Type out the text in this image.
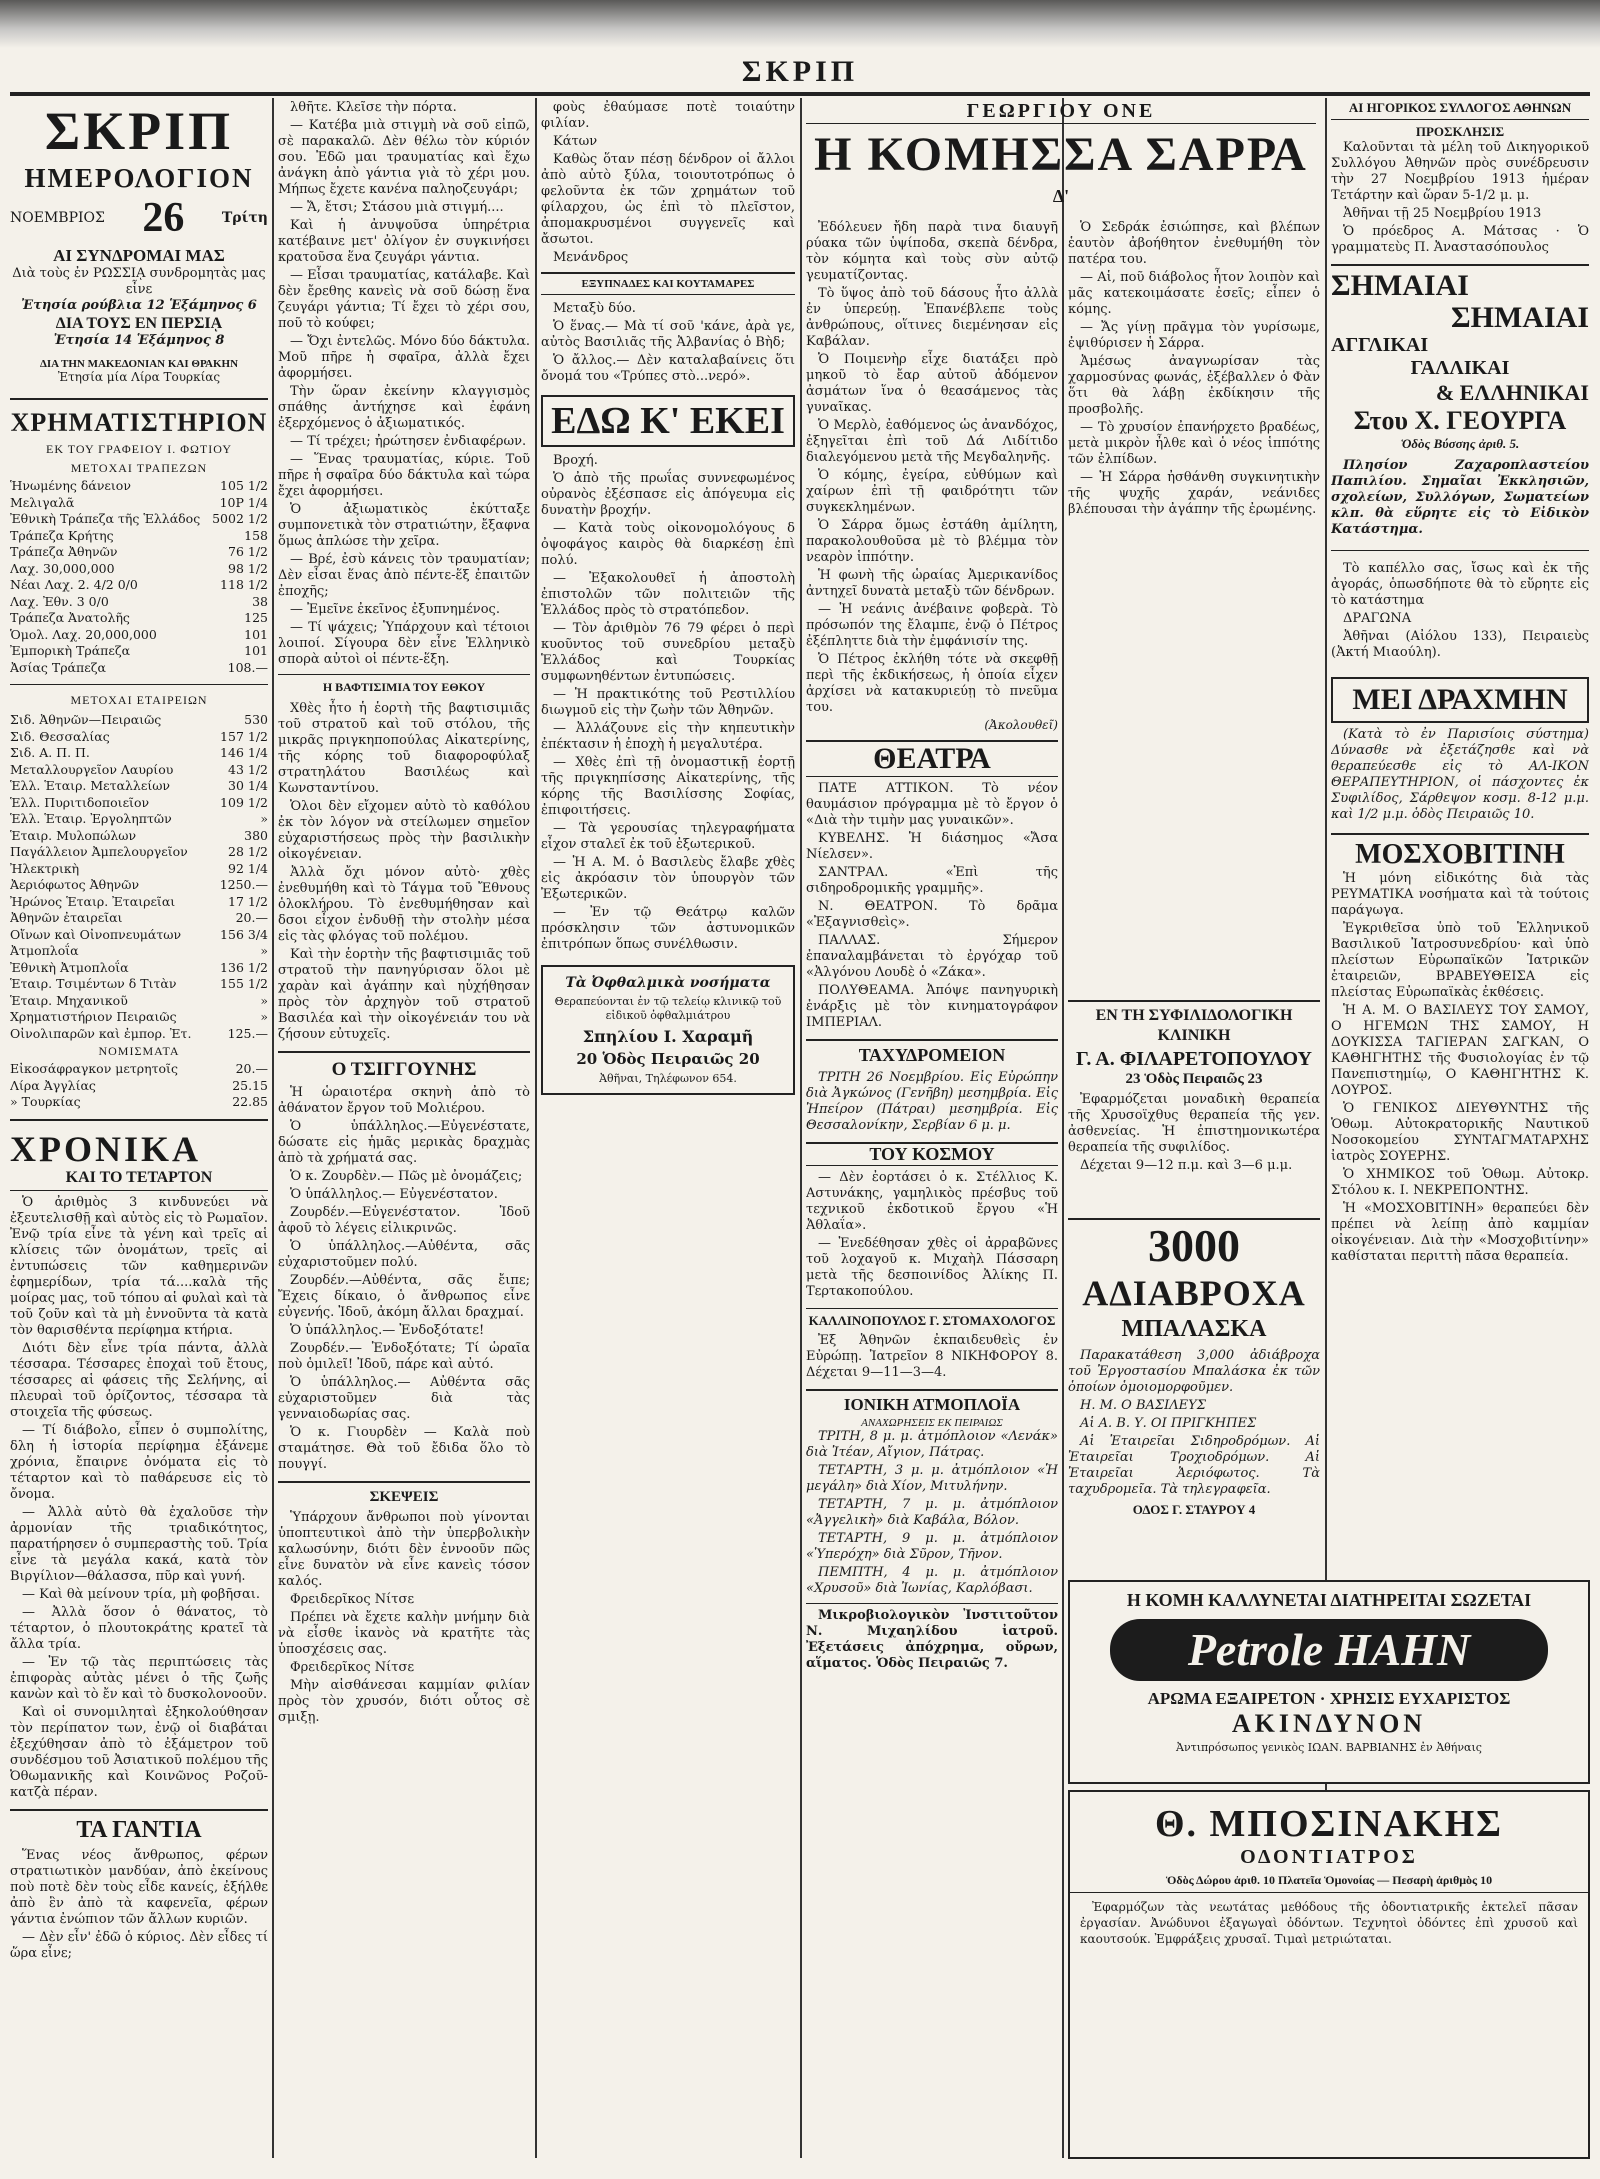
ΣΚΡΙΠ
ΣΚΡΙΠ
ΗΜΕΡΟΛΟΓΙΟΝ
ΝΟΕΜΒΡΙΟΣ 26	Τρίτη
ΑΙ ΣΥΝΔΡΟΜΑΙ ΜΑΣ
Διὰ τοὺς ἐν ΡΩΣΣΙᾼ συνδρομητὰς μας εἶνε
Ἐτησία ρούβλια 12 Ἑξάμηνος 6
ΔΙΑ ΤΟΥΣ ΕΝ ΠΕΡΣΙᾼ
Ἐτησία 14 Ἑξάμηνος 8
ΔΙΑ ΤΗΝ ΜΑΚΕΔΟΝΙΑΝ ΚΑΙ ΘΡΑΚΗΝ
Ἐτησία μία Λίρα Τουρκίας
ΧΡΗΜΑΤΙΣΤΗΡΙΟΝ
ΕΚ ΤΟΥ ΓΡΑΦΕΙΟΥ Ι. ΦΩΤΙΟΥ
ΜΕΤΟΧΑΙ ΤΡΑΠΕΖΩΝ
Ἡνωμένης δάνειον	105 1/2
Μελιγαλᾶ	10Ρ 1/4
Ἐθνικὴ Τράπεζα τῆς Ἑλλάδος 5002 1/2
Τράπεζα Κρήτης	158
Τράπεζα Ἀθηνῶν	76 1/2
Λαχ. 30,000,000	98 1/2
Νέαι Λαχ. 2. 4/2 0/0	118 1/2
Λαχ. Ἐθν. 3 0/0	38
Τράπεζα Ἀνατολῆς	125
Ὁμολ. Λαχ. 20,000,000	101
Ἐμπορικὴ Τράπεζα	101
Ἀσίας Τράπεζα	108.—
ΜΕΤΟΧΑΙ ΕΤΑΙΡΕΙΩΝ
Σιδ. Ἀθηνῶν—Πειραιῶς	530
Σιδ. Θεσσαλίας	157 1/2
Σιδ. Α. Π. Π.	146 1/4
Μεταλλουργεῖον Λαυρίου	43 1/2
Ἑλλ. Ἑταιρ. Μεταλλείων	30 1/4
Ἑλλ. Πυριτιδοποιεῖον	109 1/2
Ἑλλ. Ἑταιρ. Ἐργοληπτῶν	»
Ἑταιρ. Μυλοπώλων	380
Παγάλλειον Ἀμπελουργεῖον	28 1/2
Ἠλεκτρικὴ	92 1/4
Ἀεριόφωτος Ἀθηνῶν	1250.—
Ἠρώνος Ἑταιρ. Ἐταιρεῖαι	17 1/2
Ἀθηνῶν ἐταιρεῖαι	20.—
Οἴνων καὶ Οἰνοπνευμάτων	156 3/4
Ἀτμοπλοΐα	»
Ἐθνικὴ Ἀτμοπλοΐα	136 1/2
Ἑταιρ. Τσιμέντων δ Τιτὰν	155 1/2
Ἑταιρ. Μηχανικοῦ	»
Χρηματιστήριον Πειραιῶς	»
Οἰνολιπαρῶν καὶ ἐμπορ. Ἐτ.	125.—
ΝΟΜΙΣΜΑΤΑ
Εἰκοσάφραγκον μετρητοῖς	20.—
Λίρα Ἀγγλίας	25.15
» Τουρκίας	22.85
ΧΡΟΝΙΚΑ
ΚΑΙ ΤΟ ΤΕΤΑΡΤΟΝ

Ὁ ἀριθμὸς 3 κινδυνεύει νὰ ἐξευτελισθῇ καὶ αὐτὸς εἰς τὸ Ρωμαῖον. Ἐνῷ τρία εἶνε τὰ γένη καὶ τρεῖς αἱ κλίσεις τῶν ὀνομάτων, τρεῖς αἱ ἐντυπώσεις τῶν καθημερινῶν ἐφημερίδων, τρία τά....καλὰ τῆς μοίρας μας, τοῦ τόπου αἱ φυλαὶ καὶ τὰ τοῦ ζοῦν καὶ τὰ μὴ ἐννοῦντα τὰ κατὰ τὸν θαρισθέντα περίφημα κτήρια.

Διότι δὲν εἶνε τρία πάντα, ἀλλὰ τέσσαρα. Τέσσαρες ἐποχαὶ τοῦ ἔτους, τέσσαρες αἱ φάσεις τῆς Σελήνης, αἱ πλευραὶ τοῦ ὁρίζοντος, τέσσαρα τὰ στοιχεῖα τῆς φύσεως.

— Τί διάβολο, εἶπεν ὁ συμπολίτης, δλη ἡ ἱστορία περίφημα ἐξάνεμε χρόνια, ἔπαιρνε ὀνόματα εἰς τὸ τέταρτον καὶ τὸ παθάρευσε εἰς τὸ ὄνομα.

— Ἀλλὰ αὐτὸ θὰ ἐχαλοῦσε τὴν ἀρμονίαν τῆς τριαδικότητος, παρατήρησεν ὁ συμπεραστὴς τοῦ. Τρία εἶνε τὰ μεγάλα κακά, κατὰ τὸν Βιργίλιον—θάλασσα, πῦρ καὶ γυνή.

— Καὶ θὰ μείνουν τρία, μὴ φοβῆσαι.

— Ἀλλὰ ὅσον ὁ θάνατος, τὸ τέταρτον, ὁ πλουτοκράτης κρατεῖ τὰ ἄλλα τρία.

— Ἐν τῷ τὰς περιπτώσεις τὰς ἐπιφορὰς αὐτὰς μένει ὁ τῆς ζωῆς κανὼν καὶ τὸ ἔν καὶ τὸ δυσκολονοοῦν.

Καὶ οἱ συνομιληταὶ ἐξηκολούθησαν τὸν περίπατον των, ἐνῷ οἱ διαβάται ἐξεχύθησαν ἀπὸ τὸ ἐξάμετρον τοῦ συνδέσμου τοῦ Ἀσιατικοῦ πολέμου τῆς Ὀθωμανικῆς καὶ Κοινῶνος Ροζοῦ-κατζὰ πέραν.

ΤΑ ΓΑΝΤΙΑ

Ἕνας νέος ἄνθρωπος, φέρων στρατιωτικὸν μανδύαν, ἀπὸ ἐκείνους ποὺ ποτὲ δὲν τοὺς εἶδε κανείς, ἐξήλθε ἀπὸ ἓν ἀπὸ τὰ καφενεῖα, φέρων γάντια ἐνώπιον τῶν ἄλλων κυριῶν.

— Δὲν εἶν' ἐδῶ ὁ κύριος. Δὲν εἶδες τί ὥρα εἶνε;

λθῆτε. Κλεῖσε τὴν πόρτα.

— Κατέβα μιὰ στιγμὴ νὰ σοῦ εἰπῶ, σὲ παρακαλῶ. Δὲν θέλω τὸν κύριόν σου. Ἐδῶ μαι τραυματίας καὶ ἔχω ἀνάγκη ἀπὸ γάντια γιὰ τὸ χέρι μου. Μήπως ἔχετε κανένα παληοζευγάρι;

— Ἄ, ἔτσι; Στάσου μιὰ στιγμή....

Καὶ ἡ ἀνυψοῦσα ὑπηρέτρια κατέβαινε μετ' ὀλίγον ἐν συγκινήσει κρατοῦσα ἕνα ζευγάρι γάντια.

— Εἶσαι τραυματίας, κατάλαβε. Καὶ δὲν ἔρεθης κανεὶς νὰ σοῦ δώσῃ ἕνα ζευγάρι γάντια; Τί ἔχει τὸ χέρι σου, ποῦ τὸ κούφει;

— Ὄχι ἐντελῶς. Μόνο δύο δάκτυλα. Μοῦ πῆρε ἡ σφαῖρα, ἀλλὰ ἔχει ἀφορμήσει.

Τὴν ὥραν ἐκείνην κλαγγισμὸς σπάθης ἀντήχησε καὶ ἐφάνη ἐξερχόμενος ὁ ἀξιωματικός.

— Τί τρέχει; ἠρώτησεν ἐνδιαφέρων.

— Ἕνας τραυματίας, κύριε. Τοῦ πῆρε ἡ σφαῖρα δύο δάκτυλα καὶ τώρα ἔχει ἀφορμήσει.

Ὁ ἀξιωματικὸς ἐκύτταξε συμπονετικὰ τὸν στρατιώτην, ἔξαφνα ὅμως ἀπλώσε τὴν χεῖρα.

— Βρέ, ἐσὺ κάνεις τὸν τραυματίαν; Δὲν εἶσαι ἕνας ἀπὸ πέντε-ἕξ ἐπαιτῶν ἐποχῆς;

— Ἐμεῖνε ἐκεῖνος ἐξυπνημένος.

— Τί ψάχεις; Ὑπάρχουν καὶ τέτοιοι λοιποί. Σίγουρα δὲν εἶνε Ἑλληνικὸ σπορὰ αὐτοὶ οἱ πέντε-ἕξη.

Η ΒΑΦΤΙΣΙΜΙΑ ΤΟΥ ΕΘΚΟΥ

Χθὲς ἦτο ἡ ἑορτὴ τῆς βαφτισιμιᾶς τοῦ στρατοῦ καὶ τοῦ στόλου, τῆς μικρᾶς πριγκηποπούλας Αἰκατερίνης, τῆς κόρης τοῦ διαφοροφύλαξ στρατηλάτου Βασιλέως καὶ Κωνσταντίνου.

Ὁλοι δὲν εἴχομεν αὐτὸ τὸ καθόλου ἐκ τὸν λόγον νὰ στείλωμεν σημεῖον εὐχαριστήσεως πρὸς τὴν βασιλικὴν οἰκογένειαν.

Ἀλλὰ ὄχι μόνον αὐτὸ· χθὲς ἐνεθυμήθη καὶ τὸ Τάγμα τοῦ Ἔθνους ὁλοκλήρου. Τὸ ἐνεθυμήθησαν καὶ δσοι εἶχον ἐνδυθῇ τὴν στολὴν μέσα εἰς τὰς φλόγας τοῦ πολέμου.

Καὶ τὴν ἑορτὴν τῆς βαφτισιμιᾶς τοῦ στρατοῦ τὴν πανηγύρισαν ὅλοι μὲ χαρὰν καὶ ἀγάπην καὶ ηὐχήθησαν πρὸς τὸν ἀρχηγὸν τοῦ στρατοῦ Βασιλέα καὶ τὴν οἰκογένειάν του νὰ ζήσουν εὐτυχεῖς.

Ο ΤΣΙΓΓΟΥΝΗΣ

Ἡ ὡραιοτέρα σκηνὴ ἀπὸ τὸ ἀθάνατον ἔργον τοῦ Μολιέρου.

Ὁ ὑπάλληλος.—Εὐγενέστατε, δώσατε εἰς ἡμᾶς μερικὰς δραχμὰς ἀπὸ τὰ χρήματά σας.

Ὁ κ. Ζουρδὲν.— Πῶς μὲ ὀνομάζεις;

Ὁ ὑπάλληλος.— Εὐγενέστατον.

Ζουρδέν.—Εὐγενέστατον. Ἰδοῦ ἀφοῦ τὸ λέγεις εἰλικρινῶς.

Ὁ ὑπάλληλος.—Αὐθέντα, σᾶς εὐχαριστοῦμεν πολύ.

Ζουρδέν.—Αὐθέντα, σᾶς ἔιπε; Ἔχεις δίκαιο, ὁ ἄνθρωπος εἶνε εὐγενής. Ἰδοῦ, ἀκόμη ἄλλαι δραχμαί.

Ὁ ὑπάλληλος.— Ἐνδοξότατε!

Ζουρδέν.— Ἐνδοξότατε; Τί ὡραῖα ποὺ ὁμιλεῖ! Ἰδοῦ, πάρε καὶ αὐτό.

Ὁ ὑπάλληλος.— Αὐθέντα σᾶς εὐχαριστοῦμεν διὰ τὰς γενναιοδωρίας σας.

Ὁ κ. Γιουρδὲν — Καλὰ ποὺ σταμάτησε. Θὰ τοῦ ἔδιδα ὅλο τὸ πουγγί.

ΣΚΕΨΕΙΣ

Ὑπάρχουν ἄνθρωποι ποὺ γίνονται ὑποπτευτικοὶ ἀπὸ τὴν ὑπερβολικὴν καλωσύνην, διότι δὲν ἐννοοῦν πῶς εἶνε δυνατὸν νὰ εἶνε κανεὶς τόσον καλός.

Φρειδερῖκος Νίτσε

Πρέπει νὰ ἔχετε καλὴν μνήμην διὰ νὰ εἶσθε ἱκανὸς νὰ κρατῆτε τὰς ὑποσχέσεις σας.

Φρειδερῖκος Νίτσε

Μὴν αἰσθάνεσαι καμμίαν φιλίαν πρὸς τὸν χρυσόν, διότι οὗτος σὲ σμιξῃ.

φοὺς ἐθαύμασε ποτὲ τοιαύτην φιλίαν.

Κάτων

Καθὼς ὅταν πέσῃ δένδρον οἱ ἄλλοι ἀπὸ αὐτὸ ξύλα, τοιουτοτρόπως ὁ φελοῦντα ἐκ τῶν χρημάτων τοῦ φίλαρχου, ὡς ἐπὶ τὸ πλεῖστον, ἀπομακρυσμένοι συγγενεῖς καὶ ἄσωτοι.

Μενάνδρος

ΕΞΥΠΝΑΔΕΣ ΚΑΙ ΚΟΥΤΑΜΑΡΕΣ

Μεταξὺ δύο.

Ὁ ἕνας.— Μὰ τί σοῦ 'κάνε, ἀρὰ γε, αὐτὸς Βασιλιᾶς τῆς Ἀλβανίας ὁ Βὴδ;

Ὁ ἄλλος.— Δὲν καταλαβαίνεις ὅτι ὄνομά του «Τρύπες στὸ...νερό».

ΕΔΩ Κ' ΕΚΕΙ

Βροχή.

Ὁ ἀπὸ τῆς πρωΐας συννεφωμένος οὐρανὸς ἐξέσπασε εἰς ἀπόγευμα εἰς δυνατὴν βροχήν.

— Κατὰ τοὺς οἰκονομολόγους δ ὀψοφάγος καιρὸς θὰ διαρκέσῃ ἐπὶ πολύ.

— Ἐξακολουθεῖ ἡ ἀποστολὴ ἐπιστολῶν τῶν πολιτειῶν τῆς Ἑλλάδος πρὸς τὸ στρατόπεδον.

— Τὸν ἀριθμὸν 76 79 φέρει ὁ περὶ κυοῦντος τοῦ συνεδρίου μεταξὺ Ἑλλάδος καὶ Τουρκίας συμφωνηθέντων ἐντυπώσεις.

— Ἡ πρακτικότης τοῦ Ρεστιλλίου διωγμοῦ εἰς τὴν ζωὴν τῶν Ἀθηνῶν.

— Ἀλλάζουνε εἰς τὴν κηπευτικὴν ἐπέκτασιν ἡ ἐποχὴ ἡ μεγαλυτέρα.

— Χθὲς ἐπὶ τῇ ὀνομαστικῇ ἑορτῇ τῆς πριγκηπίσσης Αἰκατερίνης, τῆς κόρης τῆς Βασιλίσσης Σοφίας, ἐπιφοιτήσεις.

— Τὰ γερουσίας τηλεγραφήματα εἶχον σταλεῖ ἐκ τοῦ ἐξωτερικοῦ.

— Ἡ Α. Μ. ὁ Βασιλεὺς ἔλαβε χθὲς εἰς ἀκρόασιν τὸν ὑπουργὸν τῶν Ἐξωτερικῶν.

— Ἐν τῷ Θεάτρῳ καλῶν πρόσκλησιν τῶν ἀστυνομικῶν ἐπιτρόπων ὅπως συνέλθωσιν.

Τὰ Ὀφθαλμικὰ νοσήματα
Θεραπεύονται ἐν τῷ τελείῳ κλινικῷ τοῦ εἰδικοῦ ὀφθαλμιάτρου
Σπηλίου Ι. Χαραμῆ
20 Ὁδὸς Πειραιῶς 20
Ἀθῆναι, Τηλέφωνον 654.
ΓΕΩΡΓΙΟΥ ΟΝΕ
Η ΚΟΜΗΣΣΑ ΣΑΡΡΑ
Δ'

Ἐδόλευεν ἤδη παρὰ τινα διαυγῆ ρύακα τῶν ὑψίποδα, σκεπὰ δένδρα, τὸν κόμητα καὶ τοὺς σὺν αὐτῷ γευματίζοντας.

Τὸ ὕψος ἀπὸ τοῦ δάσους ἦτο ἀλλὰ ἐν ὑπερεύῃ. Ἐπανέβλεπε τοὺς ἀνθρώπους, οἵτινες διεμένησαν εἰς Καβάλαν.

Ὁ Ποιμενὴρ εἶχε διατάξει πρὸ μηκοῦ τὸ ἔαρ αὐτοῦ ἀδόμενον ἀσμάτων ἵνα ὁ θεασάμενος τὰς γυναῖκας.

Ὁ Μερλὸ, ἐαθόμενος ὡς ἀνανδόχος, ἐξηγεῖται ἐπὶ τοῦ Δά Λιδίτιδο διαλεγόμενου μετὰ τῆς Μεγδαληνῆς.

Ὁ κόμης, ἐγείρα, εὐθύμων καὶ χαίρων ἐπὶ τῇ φαιδρότητι τῶν συγκεκλημένων.

Ὁ Σάρρα ὅμως ἐστάθη ἀμίλητη, παρακολουθοῦσα μὲ τὸ βλέμμα τὸν νεαρὸν ἱππότην.

Ἡ φωνὴ τῆς ὡραίας Ἀμερικανίδος ἀντηχεῖ δυνατὰ μεταξὺ τῶν δένδρων.

— Ἡ νεάνις ἀνέβαινε φοβερὰ. Τὸ πρόσωπόν της ἔλαμπε, ἐνῷ ὁ Πέτρος ἐξέπληττε διὰ τὴν ἐμφάνισίν της.

Ὁ Πέτρος ἐκλήθη τότε νὰ σκεφθῇ περὶ τῆς ἐκδικήσεως, ἡ ὁποία εἶχεν ἀρχίσει νὰ κατακυριεύῃ τὸ πνεῦμα του.

(Ἀκολουθεῖ)
ΘΕΑΤΡΑ

ΠΑΤΕ ΑΤΤΙΚΟΝ. Τὸ νέον θαυμάσιον πρόγραμμα μὲ τὸ ἔργον ὁ «Διὰ τὴν τιμὴν μας γυναικῶν».

ΚΥΒΕΛΗΣ. Ἡ διάσημος «Ἄσα Νίελσεν».

ΣΑΝΤΡΑΛ. «Ἐπὶ τῆς σιδηροδρομικῆς γραμμῆς».

Ν. ΘΕΑΤΡΟΝ. Τὸ δρᾶμα «Ἐξαγνισθεὶς».

ΠΑΛΛΑΣ. Σήμερον ἐπαναλαμβάνεται τὸ ἐργόχαρ τοῦ «Ἀλγόνου Λουδὲ ὁ «Ζάκα».

ΠΟΛΥΘΕΑΜΑ. Ἀπόψε πανηγυρικὴ ἐνάρξις μὲ τὸν κινηματογράφον ΙΜΠΕΡΙΑΛ.

ΤΑΧΥΔΡΟΜΕΙΟΝ

ΤΡΙΤΗ 26 Νοεμβρίου. Εἰς Εὐρώπην διὰ Ἀγκώνος (Γενῆβη) μεσημβρία. Εἰς Ἠπείρον (Πάτραι) μεσημβρία. Εἰς Θεσσαλονίκην, Σερβίαν 6 μ. μ.

ΤΟΥ ΚΟΣΜΟΥ

— Δὲν ἐορτάσει ὁ κ. Στέλλιος Κ. Αστυνάκης, γαμηλικὸς πρέσβυς τοῦ τεχνικοῦ ἐκδοτικοῦ ἔργου «Ἡ Ἀθλαΐα».

— Ἐνεδέθησαν χθὲς οἱ ἀρραβῶνες τοῦ λοχαγοῦ κ. Μιχαὴλ Πάσσαρη μετὰ τῆς δεσποινίδος Ἀλίκης Π. Τερτακοπούλου.

ΚΑΛΛΙΝΟΠΟΥΛΟΣ Γ. ΣΤΟΜΑΧΟΛΟΓΟΣ

Ἐξ Ἀθηνῶν ἐκπαιδευθεὶς ἐν Εὐρώπῃ. Ἰατρεῖον 8 ΝΙΚΗΦΟΡΟΥ 8. Δέχεται 9—11—3—4.

ΙΟΝΙΚΗ ΑΤΜΟΠΛΟΪΑ
ΑΝΑΧΩΡΗΣΕΙΣ ΕΚ ΠΕΙΡΑΙΩΣ

ΤΡΙΤΗ, 8 μ. μ. ἀτμόπλοιον «Λενάκ» διὰ Ἰτέαν, Αἴγιον, Πάτρας.

ΤΕΤΑΡΤΗ, 3 μ. μ. ἀτμόπλοιον «Ἡ μεγάλη» διὰ Χίον, Μιτυλήνην.

ΤΕΤΑΡΤΗ, 7 μ. μ. ἀτμόπλοιον «Ἀγγελικὴ» διὰ Καβάλα, Βόλον.

ΤΕΤΑΡΤΗ, 9 μ. μ. ἀτμόπλοιον «Ὑπερόχη» διὰ Σῦρον, Τῆνον.

ΠΕΜΠΤΗ, 4 μ. μ. ἀτμόπλοιον «Χρυσοῦ» διὰ Ἰωνίας, Καρλόβασι.

Μικροβιολογικὸν Ἰνστιτοῦτον Ν. Μιχαηλίδου ἰατροῦ. Ἐξετάσεις ἀπόχρημα, οὔρων, αἵματος. Ὁδὸς Πειραιῶς 7.

Ὁ Σεδράκ ἐσιώπησε, καὶ βλέπων ἑαυτὸν ἀβοήθητον ἐνεθυμήθη τὸν πατέρα του.

— Αἱ, ποῦ διάβολος ἦτον λοιπὸν καὶ μᾶς κατεκοιμάσατε ἐσεῖς; εἶπεν ὁ κόμης.

— Ἄς γίνῃ πρᾶγμα τὸν γυρίσωμε, ἐψιθύρισεν ἡ Σάρρα.

Ἀμέσως ἀναγνωρίσαν τὰς χαρμοσύνας φωνάς, ἐξέβαλλεν ὁ Φὰν ὅτι θὰ λάβῃ ἐκδίκησιν τῆς προσβολῆς.

— Τὸ χρυσίον ἐπανήρχετο βραδέως, μετὰ μικρὸν ἦλθε καὶ ὁ νέος ἱππότης τῶν ἐλπίδων.

— Ἡ Σάρρα ἠσθάνθη συγκινητικὴν τῆς ψυχῆς χαράν, νεάνιδες βλέπουσαι τὴν ἀγάπην τῆς ἐρωμένης.

ΕΝ ΤΗ ΣΥΦΙΛΙΔΟΛΟΓΙΚΗ ΚΛΙΝΙΚΗ
Γ. Α. ΦΙΛΑΡΕΤΟΠΟΥΛΟΥ
23 Ὁδὸς Πειραιῶς 23

Ἐφαρμόζεται μοναδικὴ θεραπεία τῆς Χρυσοϊχθυς θεραπεία τῆς γεν. ἀσθενείας. Ἡ ἐπιστημονικωτέρα θεραπεία τῆς συφιλίδος.

Δέχεται 9—12 π.μ. καὶ 3—6 μ.μ.

3000
ΑΔΙΑΒΡΟΧΑ
ΜΠΑΛΑΣΚΑ

Παρακατάθεση 3,000 ἀδιάβροχα τοῦ Ἐργοστασίου Μπαλάσκα ἐκ τῶν ὁποίων ὁμοιομορφοῦμεν.

Η. Μ. Ο ΒΑΣΙΛΕΥΣ

Αἱ Α. Β. Υ. ΟΙ ΠΡΙΓΚΗΠΕΣ

Αἱ Ἐταιρεῖαι Σιδηροδρόμων. Αἱ Ἐταιρεῖαι Τροχιοδρόμων. Αἱ Ἐταιρεῖαι Ἀεριόφωτος. Τὰ ταχυδρομεῖα. Τὰ τηλεγραφεῖα.

ΟΔΟΣ Γ. ΣΤΑΥΡΟΥ 4
Η ΚΟΜΗ ΚΑΛΛΥΝΕΤΑΙ ΔΙΑΤΗΡΕΙΤΑΙ ΣΩΖΕΤΑΙ
Petrole HAHN
ΑΡΩΜΑ ΕΞΑΙΡΕΤΟΝ · ΧΡΗΣΙΣ ΕΥΧΑΡΙΣΤΟΣ
ΑΚΙΝΔΥΝΟΝ
Ἀντιπρόσωπος γενικὸς ΙΩΑΝ. ΒΑΡΒΙΑΝΗΣ ἐν Ἀθήναις
Θ. ΜΠΟΣΙΝΑΚΗΣ
ΟΔΟΝΤΙΑΤΡΟΣ
Ὁδὸς Δώρου ἀριθ. 10 Πλατεῖα Ὁμονοίας — Πεσαρὴ ἀριθμὸς 10

Ἐφαρμόζων τὰς νεωτάτας μεθόδους τῆς ὀδοντιατρικῆς ἐκτελεῖ πᾶσαν ἐργασίαν. Ἀνώδυνοι ἐξαγωγαὶ ὀδόντων. Τεχνητοὶ ὀδόντες ἐπὶ χρυσοῦ καὶ καουτσούκ. Ἐμφράξεις χρυσαῖ. Τιμαὶ μετριώταται.

ΑΙ ΗΓΟΡΙΚΟΣ ΣΥΛΛΟΓΟΣ ΑΘΗΝΩΝ
ΠΡΟΣΚΛΗΣΙΣ

Καλοῦνται τὰ μέλη τοῦ Δικηγορικοῦ Συλλόγου Ἀθηνῶν πρὸς συνέδρευσιν τὴν 27 Νοεμβρίου 1913 ἡμέραν Τετάρτην καὶ ὥραν 5-1/2 μ. μ.

Ἀθῆναι τῇ 25 Νοεμβρίου 1913

Ὁ πρόεδρος Α. Μάτσας · Ὁ γραμματεὺς Π. Ἀναστασόπουλος

ΣΗΜΑΙΑΙ
ΣΗΜΑΙΑΙ
ΑΓΓΛΙΚΑΙ
ΓΑΛΛΙΚΑΙ
& ΕΛΛΗΝΙΚΑΙ
Στου Χ. ΓΕΟΥΡΓΑ
Ὁδὸς Βύσσης ἀριθ. 5.

Πλησίον Ζαχαροπλαστείου Παπιλίου. Σημαῖαι Ἐκκλησιῶν, σχολείων, Συλλόγων, Σωματείων κλπ. θὰ εὕρητε εἰς τὸ Εἰδικὸν Κατάστημα.

Τὸ καπέλλο σας, ἴσως καὶ ἐκ τῆς ἀγοράς, ὁπωσδήποτε θὰ τὸ εὕρητε εἰς τὸ κατάστημα

ΔΡΑΓΩΝΑ

Ἀθῆναι (Αἰόλου 133), Πειραιεὺς (Ἀκτή Μιαούλη).

ΜΕΙ ΔΡΑΧΜΗΝ

(Κατὰ τὸ ἐν Παρισίοις σύστημα) Δύνασθε νὰ ἐξετάζησθε καὶ νὰ θεραπεύεσθε εἰς τὸ ΑΛ-ΙΚΟΝ ΘΕΡΑΠΕΥΤΗΡΙΟΝ, οἱ πάσχοντες ἐκ Συφιλίδος, Σάρθεψον κοσμ. 8-12 μ.μ. καὶ 1/2 μ.μ. ὁδὸς Πειραιῶς 10.

ΜΟΣΧΟΒΙΤΙΝΗ

Ἡ μόνη εἰδικότης διὰ τὰς ΡΕΥΜΑΤΙΚΑ νοσήματα καὶ τὰ τούτοις παράγωγα.

Ἐγκριθεῖσα ὑπὸ τοῦ Ἑλληνικοῦ Βασιλικοῦ Ἰατροσυνεδρίου· καὶ ὑπὸ πλείστων Εὐρωπαϊκῶν Ἰατρικῶν ἑταιρειῶν, ΒΡΑΒΕΥΘΕΙΣΑ εἰς πλείστας Εὐρωπαϊκὰς ἐκθέσεις.

Ἡ Α. Μ. Ο ΒΑΣΙΛΕΥΣ ΤΟΥ ΣΑΜΟΥ, Ο ΗΓΕΜΩΝ ΤΗΣ ΣΑΜΟΥ, Η ΔΟΥΚΙΣΣΑ ΤΑΓΙΕΡΑΝ ΣΑΓΚΑΝ, Ο ΚΑΘΗΓΗΤΗΣ τῆς Φυσιολογίας ἐν τῷ Πανεπιστημίῳ, Ο ΚΑΘΗΓΗΤΗΣ Κ. ΛΟΥΡΟΣ.

Ὁ ΓΕΝΙΚΟΣ ΔΙΕΥΘΥΝΤΗΣ τῆς Ὁθωμ. Αὐτοκρατορικῆς Ναυτικοῦ Νοσοκομείου ΣΥΝΤΑΓΜΑΤΑΡΧΗΣ ἰατρὸς ΣΟΥΕΡΗΣ.

Ὁ ΧΗΜΙΚΟΣ τοῦ Ὁθωμ. Αὐτοκρ. Στόλου κ. Ι. ΝΕΚΡΕΠΟΝΤΗΣ.

Ἡ «ΜΟΣΧΟΒΙΤΙΝΗ» θεραπεύει δὲν πρέπει νὰ λείπῃ ἀπὸ καμμίαν οἰκογένειαν. Διὰ τὴν «Μοσχοβιτίνην» καθίσταται περιττὴ πᾶσα θεραπεία.
